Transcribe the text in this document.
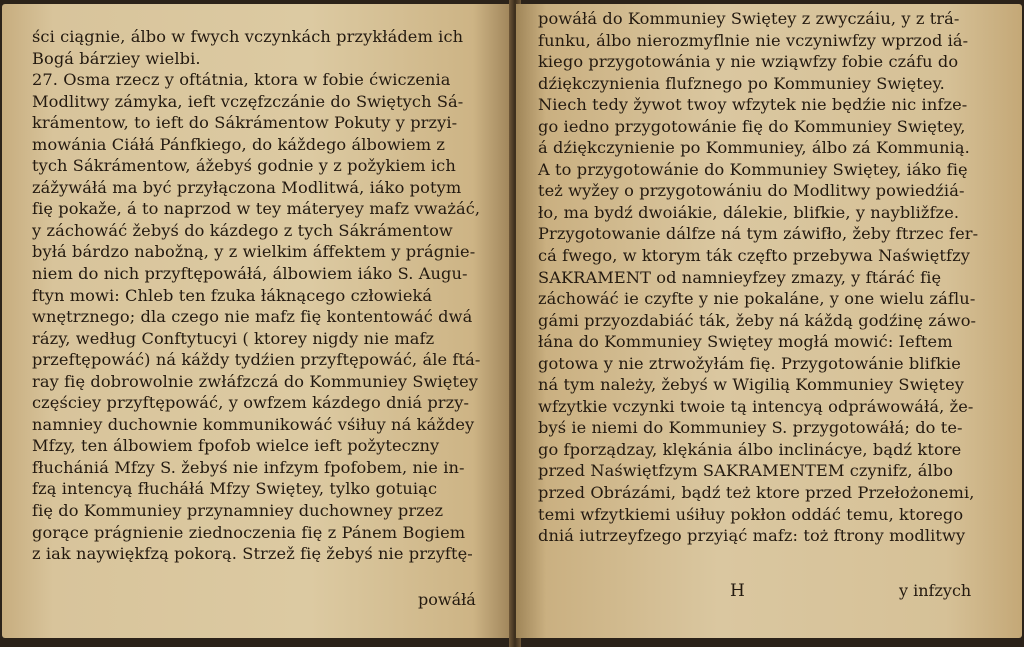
ści ciągnie, álbo w fwych vczynkách przykłádem ich
Bogá bárziey wielbi.
27. Osma rzecz y oftátnia, ktora w fobie ćwiczenia
Modlitwy zámyka, ieft vczęfzczánie do Swiętych Sá-
krámentow, to ieft do Sákrámentow Pokuty y przyi-
mowánia Ciáłá Pánfkiego, do káždego álbowiem z
tych Sákrámentow, ážebyś godnie y z požykiem ich
zážywáłá ma być przyłączona Modlitwá, iáko potym
fię pokaže, á to naprzod w tey máteryey mafz vważáć,
y záchowáć žebyś do kázdego z tych Sákrámentow
byłá bárdzo nabožną, y z wielkim áffektem y prágnie-
niem do nich przyftępowáłá, álbowiem iáko S. Augu-
ftyn mowi: Chleb ten fzuka łáknącego człowieká
wnętrznego; dla czego nie mafz fię kontentowáć dwá
rázy, według Conftytucyi ( ktorey nigdy nie mafz
przeftępowáć) ná káždy tydźien przyftępowáć, ále ftá-
ray fię dobrowolnie zwłáfzczá do Kommuniey Swiętey
częściey przyftępowáć, y owfzem kázdego dniá przy-
namniey duchownie kommunikowáć vśiłuy ná káždey
Mfzy, ten álbowiem fpofob wielce ieft požyteczny
fłuchániá Mfzy S. žebyś nie infzym fpofobem, nie in-
fzą intencyą fłucháłá Mfzy Swiętey, tylko gotuiąc
fię do Kommuniey przynamniey duchowney przez
gorące prágnienie ziednoczenia fię z Pánem Bogiem
z iak naywiękfzą pokorą. Strzež fię žebyś nie przyftę-
powáłá
powáłá do Kommuniey Swiętey z zwyczáiu, y z trá-
funku, álbo nierozmyflnie nie vczyniwfzy wprzod iá-
kiego przygotowánia y nie wziąwfzy fobie czáfu do
dźiękczynienia flufznego po Kommuniey Swiętey.
Niech tedy žywot twoy wfzytek nie będźie nic infze-
go iedno przygotowánie fię do Kommuniey Swiętey,
á dźiękczynienie po Kommuniey, álbo zá Kommunią.
A to przygotowánie do Kommuniey Swiętey, iáko fię
też wyžey o przygotowániu do Modlitwy powiedźiá-
ło, ma bydź dwoiákie, dálekie, blifkie, y naybližfze.
Przygotowanie dálfze ná tym záwifło, žeby ftrzec fer-
cá fwego, w ktorym ták częfto przebywa Naświętfzy
SAKRAMENT od namnieyfzey zmazy, y ftáráć fię
záchowáć ie czyfte y nie pokaláne, y one wielu záflu-
gámi przyozdabiáć ták, žeby ná káždą godźinę záwo-
łána do Kommuniey Swiętey mogłá mowić: Ieftem
gotowa y nie ztrwožyłám fię. Przygotowánie blifkie
ná tym należy, žebyś w Wigilią Kommuniey Swiętey
wfzytkie vczynki twoie tą intencyą odpráwowáłá, že-
byś ie niemi do Kommuniey S. przygotowáłá; do te-
go fporządzay, klękánia álbo inclinácye, bądź ktore
przed Naświętfzym SAKRAMENTEM czynifz, álbo
przed Obrázámi, bądź też ktore przed Przełożonemi,
temi wfzytkiemi uśiłuy pokłon oddáć temu, ktorego
dniá iutrzeyfzego przyiąć mafz: toż ftrony modlitwy
H	y infzych
